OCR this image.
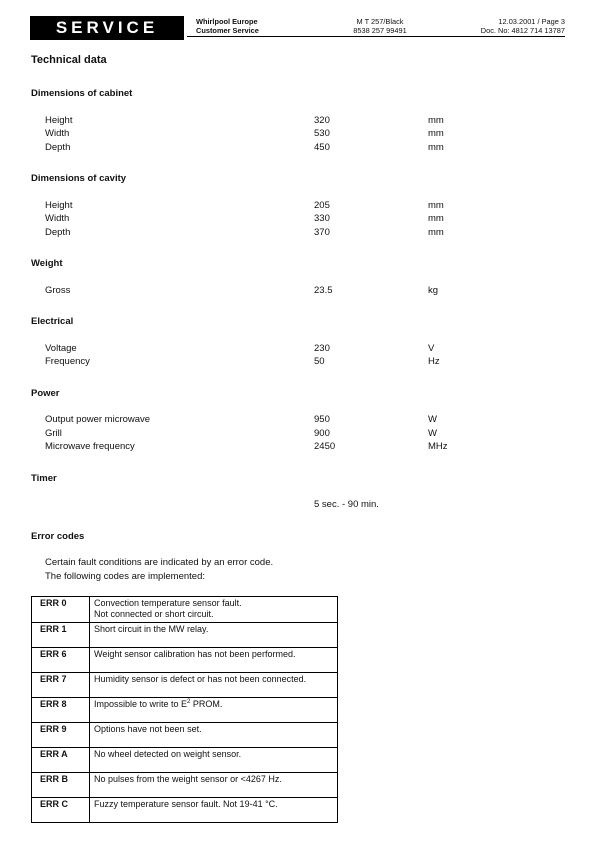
SERVICE	Whirlpool Europe
Customer Service
M T 257/Black
8538 257 99491
12.03.2001 / Page 3
Doc. No: 4812 714 13787
Technical data
Dimensions of cabinet
Height	320	mm
Width	530	mm
Depth	450	mm
Dimensions of cavity
Height	205	mm
Width	330	mm
Depth	370	mm
Weight
Gross	23.5	kg
Electrical
Voltage	230	V
Frequency	50	Hz
Power
Output power microwave	950	W
Grill	900	W
Microwave frequency	2450	MHz
Timer
5 sec. - 90 min.
Error codes
Certain fault conditions are indicated by an error code.
The following codes are implemented:
ERR 0	Convection temperature sensor fault.
Not connected or short circuit.

ERR 1	Short circuit in the MW relay.
ERR 6	Weight sensor calibration has not been performed.
ERR 7	Humidity sensor is defect or has not been connected.
ERR 8	Impossible to write to $E^2$ PROM.
ERR 9	Options have not been set.
ERR A	No wheel detected on weight sensor.
ERR B	No pulses from the weight sensor or <4267 Hz.
ERR C	Fuzzy temperature sensor fault. Not 19-41 °C.
